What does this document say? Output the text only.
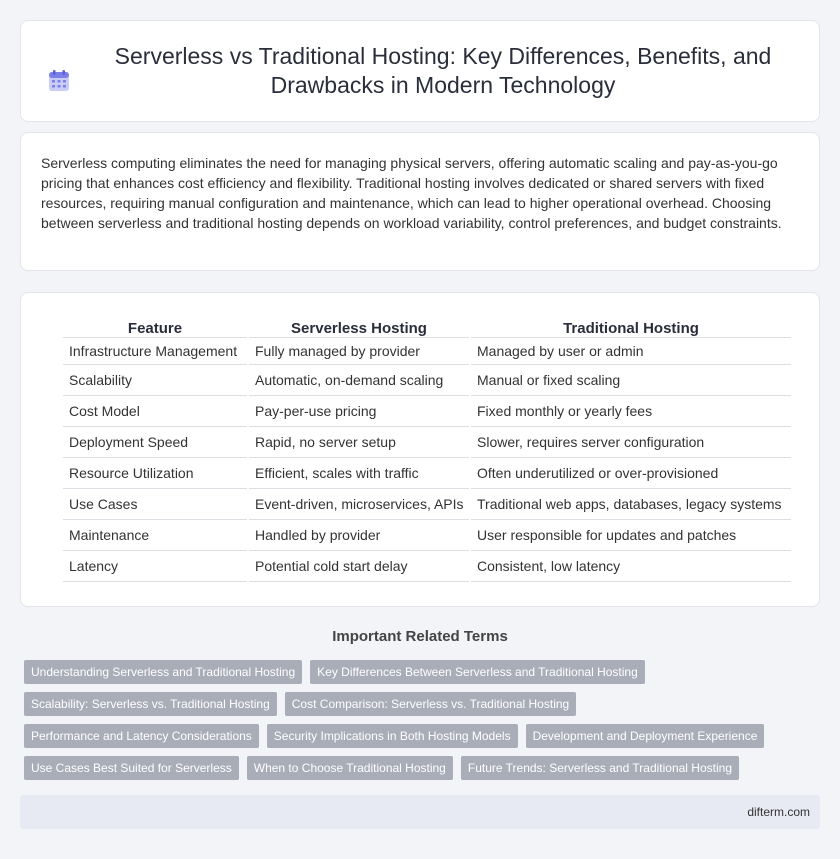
Serverless vs Traditional Hosting: Key Differences, Benefits, and Drawbacks in Modern Technology

Serverless computing eliminates the need for managing physical servers, offering automatic scaling and pay-as-you-go pricing that enhances cost efficiency and flexibility. Traditional hosting involves dedicated or shared servers with fixed resources, requiring manual configuration and maintenance, which can lead to higher operational overhead. Choosing between serverless and traditional hosting depends on workload variability, control preferences, and budget constraints.

Feature	Serverless Hosting	Traditional Hosting
Infrastructure Management	Fully managed by provider	Managed by user or admin
Scalability	Automatic, on-demand scaling	Manual or fixed scaling
Cost Model	Pay-per-use pricing	Fixed monthly or yearly fees
Deployment Speed	Rapid, no server setup	Slower, requires server configuration
Resource Utilization	Efficient, scales with traffic	Often underutilized or over-provisioned
Use Cases	Event-driven, microservices, APIs	Traditional web apps, databases, legacy systems
Maintenance	Handled by provider	User responsible for updates and patches
Latency	Potential cold start delay	Consistent, low latency
Important Related Terms
Understanding Serverless and Traditional Hosting	Key Differences Between Serverless and Traditional Hosting
Scalability: Serverless vs. Traditional Hosting	Cost Comparison: Serverless vs. Traditional Hosting
Performance and Latency Considerations	Security Implications in Both Hosting Models	Development and Deployment Experience
Use Cases Best Suited for Serverless	When to Choose Traditional Hosting	Future Trends: Serverless and Traditional Hosting
difterm.com
